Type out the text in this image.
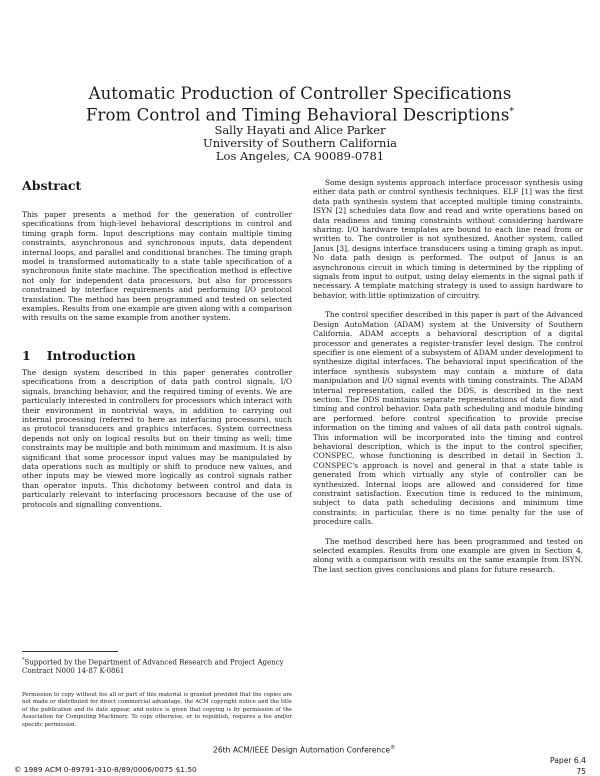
Automatic Production of Controller Specifications
From Control and Timing Behavioral Descriptions*
Sally Hayati and Alice Parker
University of Southern California
Los Angeles, CA 90089-0781
Abstract

This paper presents a method for the generation of controller specifications from high-level behavioral descriptions in control and timing graph form. Input descriptions may contain multiple timing constraints, asynchronous and synchronous inputs, data dependent internal loops, and parallel and conditional branches. The timing graph model is transformed automatically to a state table specification of a synchronous finite state machine. The specification method is effective not only for independent data processors, but also for processors constrained by interface requirements and performing I/O protocol translation. The method has been programmed and tested on selected examples. Results from one example are given along with a comparison with results on the same example from another system.

1 Introduction

The design system described in this paper generates controller specifications from a description of data path control signals, I/O signals, branching behavior, and the required timing of events. We are particularly interested in controllers for processors which interact with their environment in nontrivial ways, in addition to carrying out internal processing (referred to here as interfacing processors), such as protocol transducers and graphics interfaces. System correctness depends not only on logical results but on their timing as well; time constraints may be multiple and both minimum and maximum. It is also significant that some processor input values may be manipulated by data operations such as multiply or shift to produce new values, and other inputs may be viewed more logically as control signals rather than operator inputs. This dichotomy between control and data is particularly relevant to interfacing processors because of the use of protocols and signalling conventions.

*Supported by the Department of Advanced Research and Project Agency Contract N000 14-87 K-0861
Permission to copy without fee all or part of this material is granted provided that the copies are not made or distributed for direct commercial advantage, the ACM copyright notice and the title of the publication and its date appear, and notice is given that copying is by permission of the Association for Computing Machinery. To copy otherwise, or to republish, requires a fee and/or specific permission.

Some design systems approach interface processor synthesis using either data path or control synthesis techniques. ELF [1] was the first data path synthesis system that accepted multiple timing constraints. ISYN [2] schedules data flow and read and write operations based on data readiness and timing constraints without considering hardware sharing. I/O hardware templates are bound to each line read from or written to. The controller is not synthesized. Another system, called Janus [3], designs interface transducers using a timing graph as input. No data path design is performed. The output of Janus is an asynchronous circuit in which timing is determined by the rippling of signals from input to output, using delay elements in the signal path if necessary. A template matching strategy is used to assign hardware to behavior, with little optimization of circuitry.

The control specifier described in this paper is part of the Advanced Design AutoMation (ADAM) system at the University of Southern California. ADAM accepts a behavioral description of a digital processor and generates a register-transfer level design. The control specifier is one element of a subsystem of ADAM under development to synthesize digital interfaces. The behavioral input specification of the interface synthesis subsystem may contain a mixture of data manipulation and I/O signal events with timing constraints. The ADAM internal representation, called the DDS, is described in the next section. The DDS maintains separate representations of data flow and timing and control behavior. Data path scheduling and module binding are performed before control specification to provide precise information on the timing and values of all data path control signals. This information will be incorporated into the timing and control behavioral description, which is the input to the control specifier, CONSPEC, whose functioning is described in detail in Section 3. CONSPEC's approach is novel and general in that a state table is generated from which virtually any style of controller can be synthesized. Internal loops are allowed and considered for time constraint satisfaction. Execution time is reduced to the minimum, subject to data path scheduling decisions and minimum time constraints; in particular, there is no time penalty for the use of procedure calls.

The method described here has been programmed and tested on selected examples. Results from one example are given in Section 4, along with a comparison with results on the same example from ISYN. The last section gives conclusions and plans for future research.

26th ACM/IEEE Design Automation Conference®
© 1989 ACM 0-89791-310-8/89/0006/0075 $1.50
Paper 6.4
75
